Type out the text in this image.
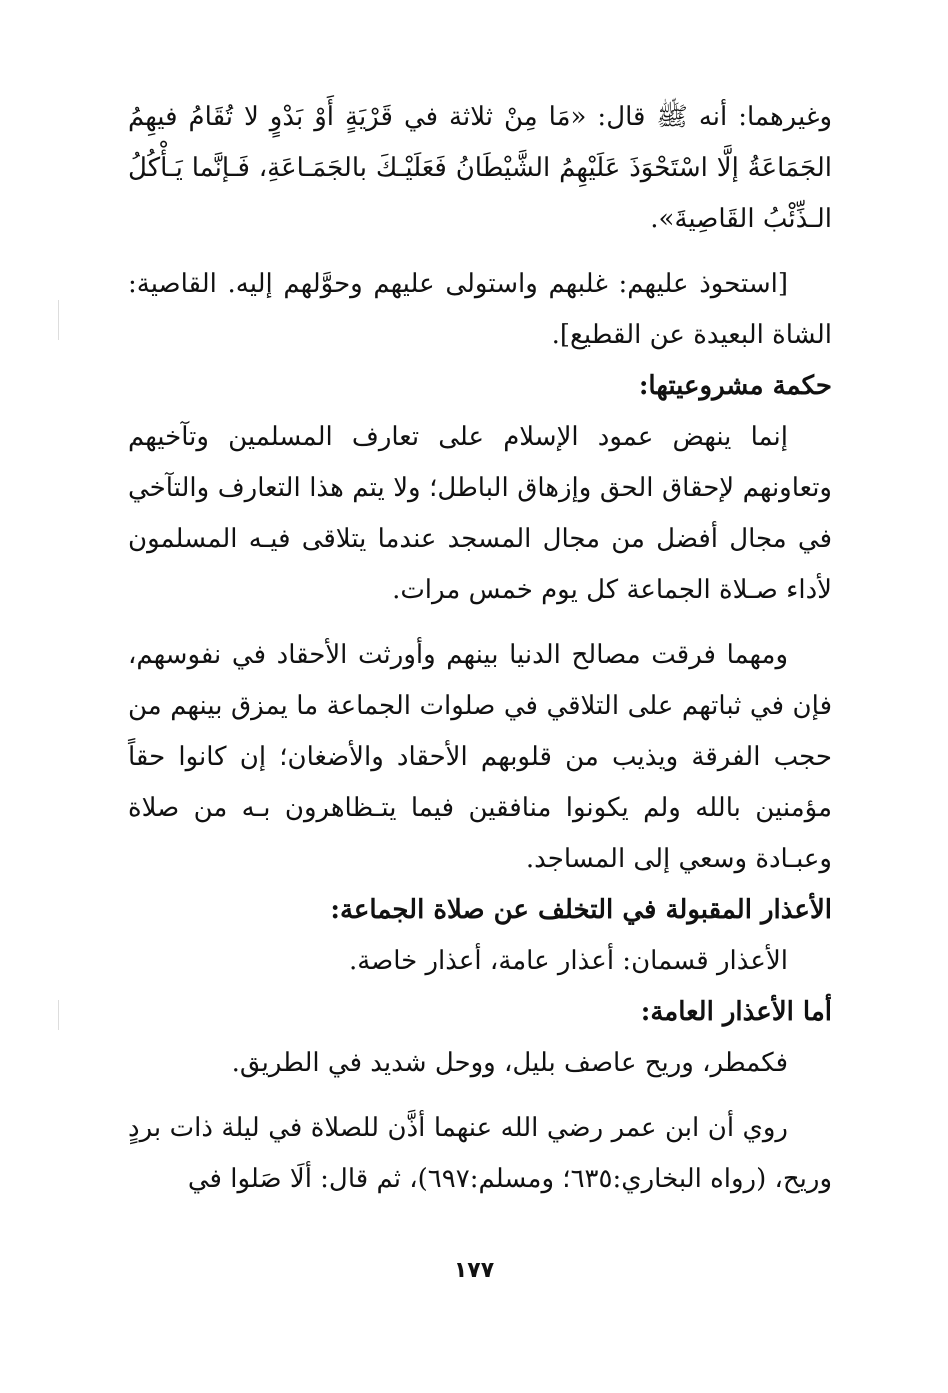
وغيرهما: أنه ﷺ قال: «مَا مِنْ ثلاثة في قَرْيَةٍ أَوْ بَدْوٍ لا تُقَامُ فيهِمُ الجَمَاعَةُ إلَّا اسْتَحْوَذَ عَلَيْهِمُ الشَّيْطَانُ فَعَلَيْـكَ بالجَمَـاعَةِ، فَـإنَّما يَـأْكُلُ الـذِّئْبُ القَاصِيةَ».

[استحوذ عليهم: غلبهم واستولى عليهم وحوَّلهم إليه. القاصية: الشاة البعيدة عن القطيع].

حكمة مشروعيتها:

إنما ينهض عمود الإسلام على تعارف المسلمين وتآخيهم وتعاونهم لإحقاق الحق وإزهاق الباطل؛ ولا يتم هذا التعارف والتآخي في مجال أفضل من مجال المسجد عندما يتلاقى فيـه المسلمون لأداء صـلاة الجماعة كل يوم خمس مرات.

ومهما فرقت مصالح الدنيا بينهم وأورثت الأحقاد في نفوسهم، فإن في ثباتهم على التلاقي في صلوات الجماعة ما يمزق بينهم من حجب الفرقة ويذيب من قلوبهم الأحقاد والأضغان؛ إن كانوا حقاً مؤمنين بالله ولم يكونوا منافقين فيما يتـظاهرون بـه من صلاة وعبـادة وسعي إلى المساجد.

الأعذار المقبولة في التخلف عن صلاة الجماعة:

الأعذار قسمان: أعذار عامة، أعذار خاصة.

أما الأعذار العامة:

فكمطر، وريح عاصف بليل، ووحل شديد في الطريق.

روي أن ابن عمر رضي الله عنهما أذَّن للصلاة في ليلة ذات بردٍ وريح، (رواه البخاري:٦٣٥؛ ومسلم:٦٩٧)، ثم قال: ألَا صَلوا في

١٧٧
